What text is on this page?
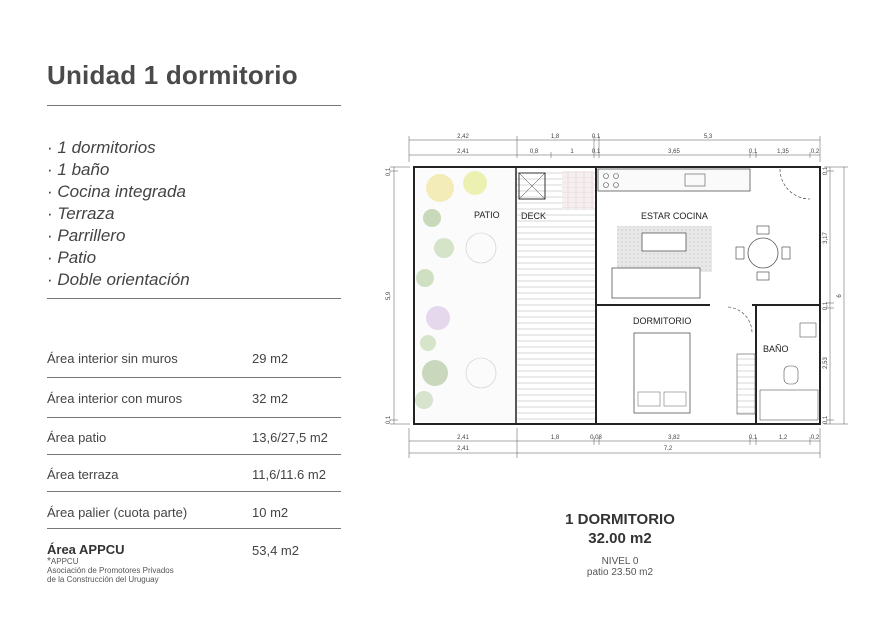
Unidad 1 dormitorio
· 1 dormitorios
· 1 baño
· Cocina integrada
· Terraza
· Parrillero
· Patio
· Doble orientación
Área interior sin muros	29 m2
Área interior con muros	32 m2
Área patio	13,6/27,5 m2
Área terraza	11,6/11.6 m2
Área palier (cuota parte)	10 m2
Área APPCU	53,4 m2
*APPCU
Asociación de Promotores Privados
de la Construcción del Uruguay
2,42	1,8	0,1	5,3
2,41	0,8	1	0,1	3,65	0,1	1,35	0,2
PATIO DECK	ESTAR COCINA
DORMITORIO
BAÑO
0,1
5,9
0,1
0,1
3,17
0,1
2,53
0,1
6
2,41	1,8	0,08	3,82	0,1	1,2	0,2
2,41	7,2
1 DORMITORIO
32.00 m2
NIVEL 0
patio 23.50 m2
